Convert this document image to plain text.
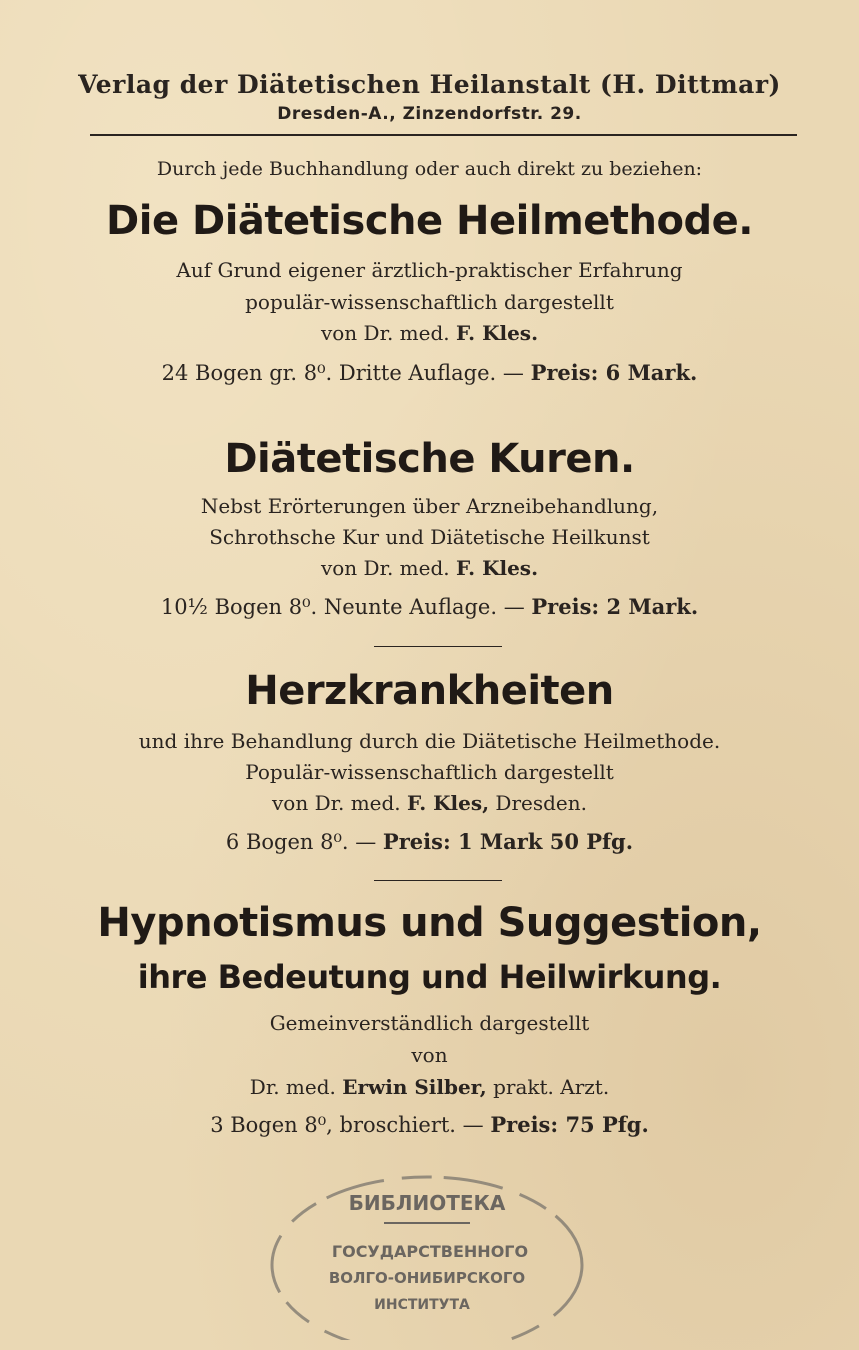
Verlag der Diätetischen Heilanstalt (H. Dittmar)
Dresden-A., Zinzendorfstr. 29.
Durch jede Buchhandlung oder auch direkt zu beziehen:
Die Diätetische Heilmethode.
Auf Grund eigener ärztlich-praktischer Erfahrung
populär-wissenschaftlich dargestellt
von Dr. med. F. Kles.
24 Bogen gr. 8⁰. Dritte Auflage. — Preis: 6 Mark.
Diätetische Kuren.
Nebst Erörterungen über Arzneibehandlung,
Schrothsche Kur und Diätetische Heilkunst
von Dr. med. F. Kles.
10½ Bogen 8⁰. Neunte Auflage. — Preis: 2 Mark.
Herzkrankheiten
und ihre Behandlung durch die Diätetische Heilmethode.
Populär-wissenschaftlich dargestellt
von Dr. med. F. Kles, Dresden.
6 Bogen 8⁰. — Preis: 1 Mark 50 Pfg.
Hypnotismus und Suggestion,
ihre Bedeutung und Heilwirkung.
Gemeinverständlich dargestellt
von
Dr. med. Erwin Silber, prakt. Arzt.
3 Bogen 8⁰, broschiert. — Preis: 75 Pfg.
БИБЛИОТЕКА
ГОСУДАРСТВЕННОГО
ВОЛГО-ОНИБИРСКОГО
ИНСТИТУТА
